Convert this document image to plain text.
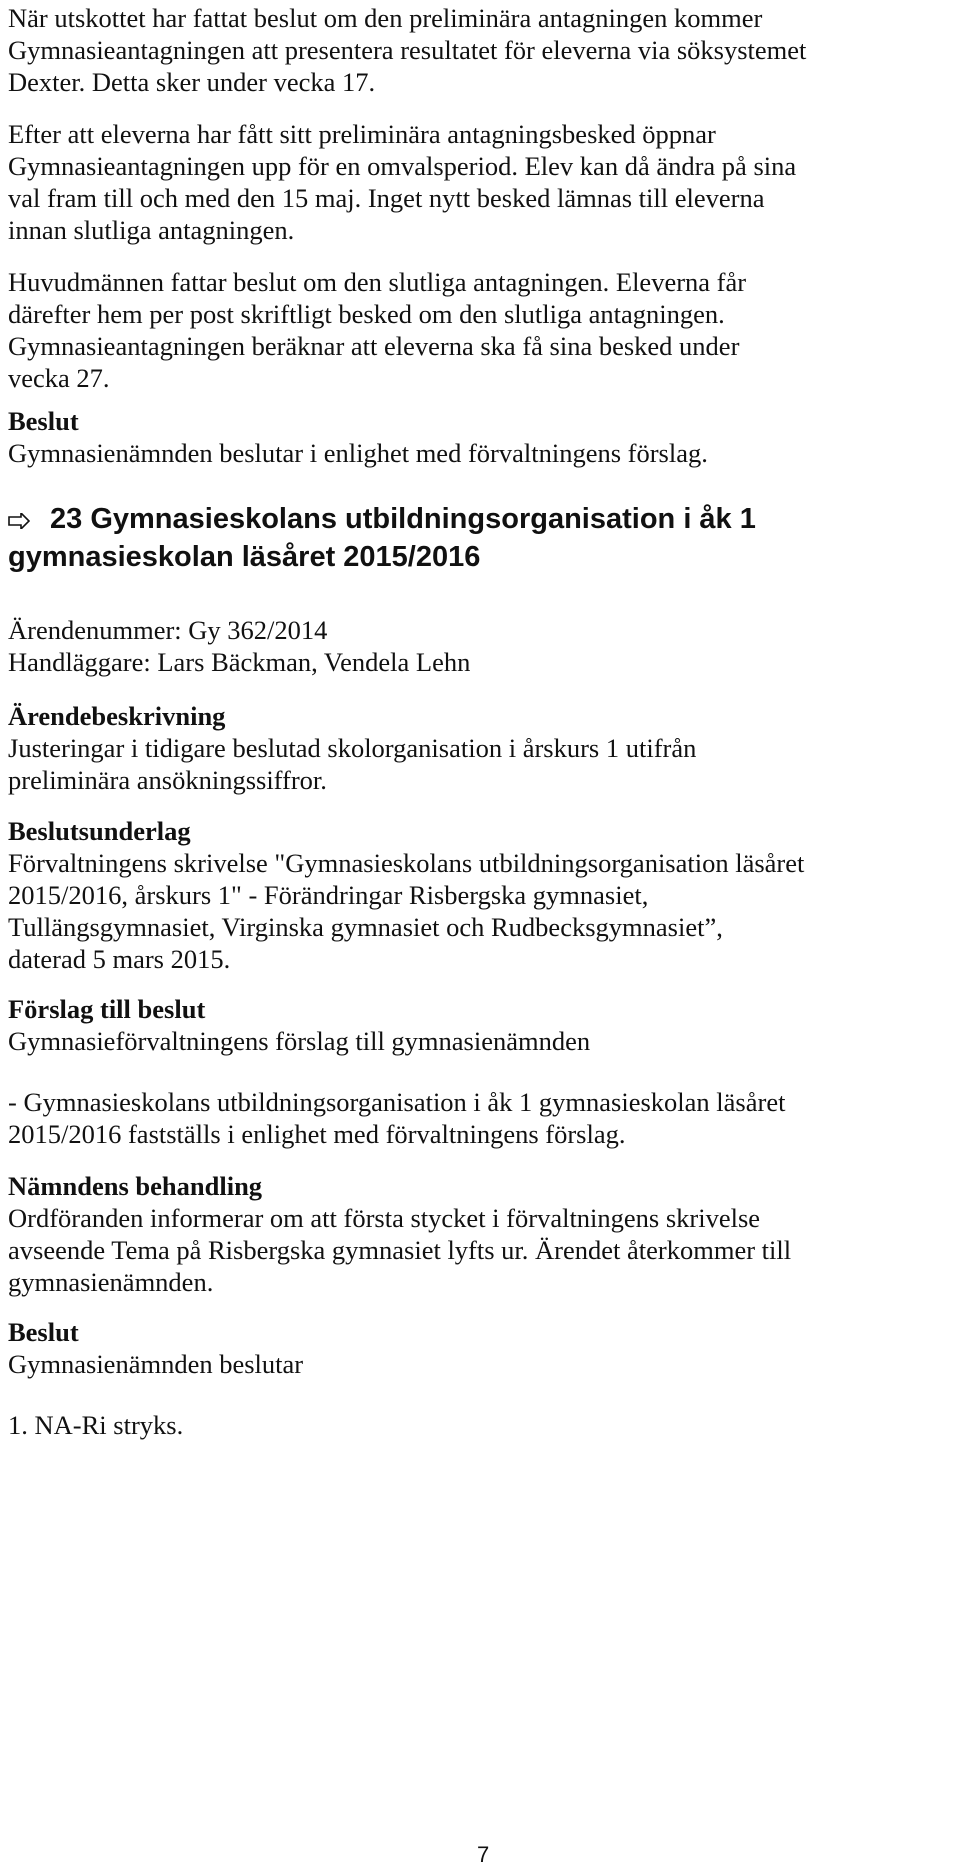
När utskottet har fattat beslut om den preliminära antagningen kommer
Gymnasieantagningen att presentera resultatet för eleverna via söksystemet
Dexter. Detta sker under vecka 17.
Efter att eleverna har fått sitt preliminära antagningsbesked öppnar
Gymnasieantagningen upp för en omvalsperiod. Elev kan då ändra på sina
val fram till och med den 15 maj. Inget nytt besked lämnas till eleverna
innan slutliga antagningen.
Huvudmännen fattar beslut om den slutliga antagningen. Eleverna får
därefter hem per post skriftligt besked om den slutliga antagningen.
Gymnasieantagningen beräknar att eleverna ska få sina besked under
vecka 27.
Beslut
Gymnasienämnden beslutar i enlighet med förvaltningens förslag.
23 Gymnasieskolans utbildningsorganisation i åk 1
gymnasieskolan läsåret 2015/2016
Ärendenummer: Gy 362/2014
Handläggare: Lars Bäckman, Vendela Lehn
Ärendebeskrivning
Justeringar i tidigare beslutad skolorganisation i årskurs 1 utifrån
preliminära ansökningssiffror.
Beslutsunderlag
Förvaltningens skrivelse "Gymnasieskolans utbildningsorganisation läsåret
2015/2016, årskurs 1" - Förändringar Risbergska gymnasiet,
Tullängsgymnasiet, Virginska gymnasiet och Rudbecksgymnasiet”,
daterad 5 mars 2015.
Förslag till beslut
Gymnasieförvaltningens förslag till gymnasienämnden
- Gymnasieskolans utbildningsorganisation i åk 1 gymnasieskolan läsåret
2015/2016 fastställs i enlighet med förvaltningens förslag.
Nämndens behandling
Ordföranden informerar om att första stycket i förvaltningens skrivelse
avseende Tema på Risbergska gymnasiet lyfts ur. Ärendet återkommer till
gymnasienämnden.
Beslut
Gymnasienämnden beslutar
1. NA-Ri stryks.
7
